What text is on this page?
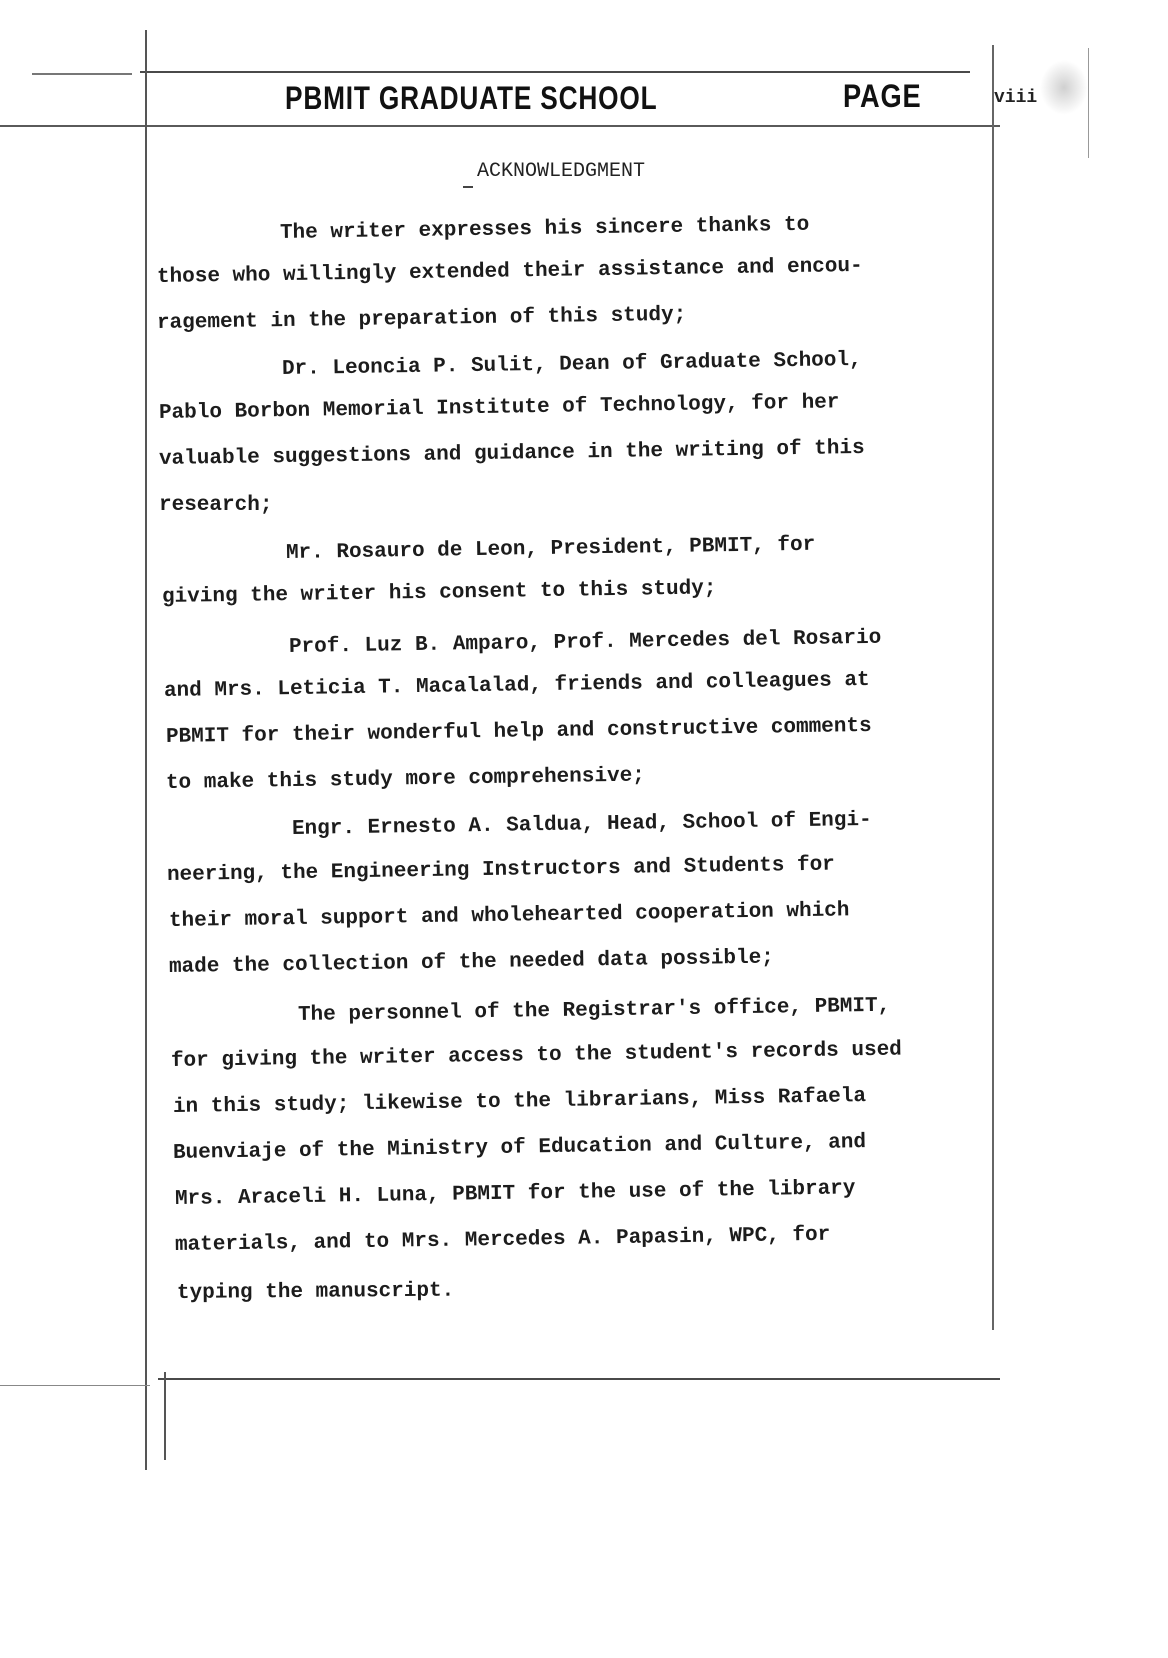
PBMIT GRADUATE SCHOOL	PAGE	viii
ACKNOWLEDGMENT
The writer expresses his sincere thanks to
those who willingly extended their assistance and encou-
ragement in the preparation of this study;
Dr. Leoncia P. Sulit, Dean of Graduate School,
Pablo Borbon Memorial Institute of Technology, for her
valuable suggestions and guidance in the writing of this
research;
Mr. Rosauro de Leon, President, PBMIT, for
giving the writer his consent to this study;
Prof. Luz B. Amparo, Prof. Mercedes del Rosario
and Mrs. Leticia T. Macalalad, friends and colleagues at
PBMIT for their wonderful help and constructive comments
to make this study more comprehensive;
Engr. Ernesto A. Saldua, Head, School of Engi-
neering, the Engineering Instructors and Students for
their moral support and wholehearted cooperation which
made the collection of the needed data possible;
The personnel of the Registrar's office, PBMIT,
for giving the writer access to the student's records used
in this study; likewise to the librarians, Miss Rafaela
Buenviaje of the Ministry of Education and Culture, and
Mrs. Araceli H. Luna, PBMIT for the use of the library
materials, and to Mrs. Mercedes A. Papasin, WPC, for
typing the manuscript.
